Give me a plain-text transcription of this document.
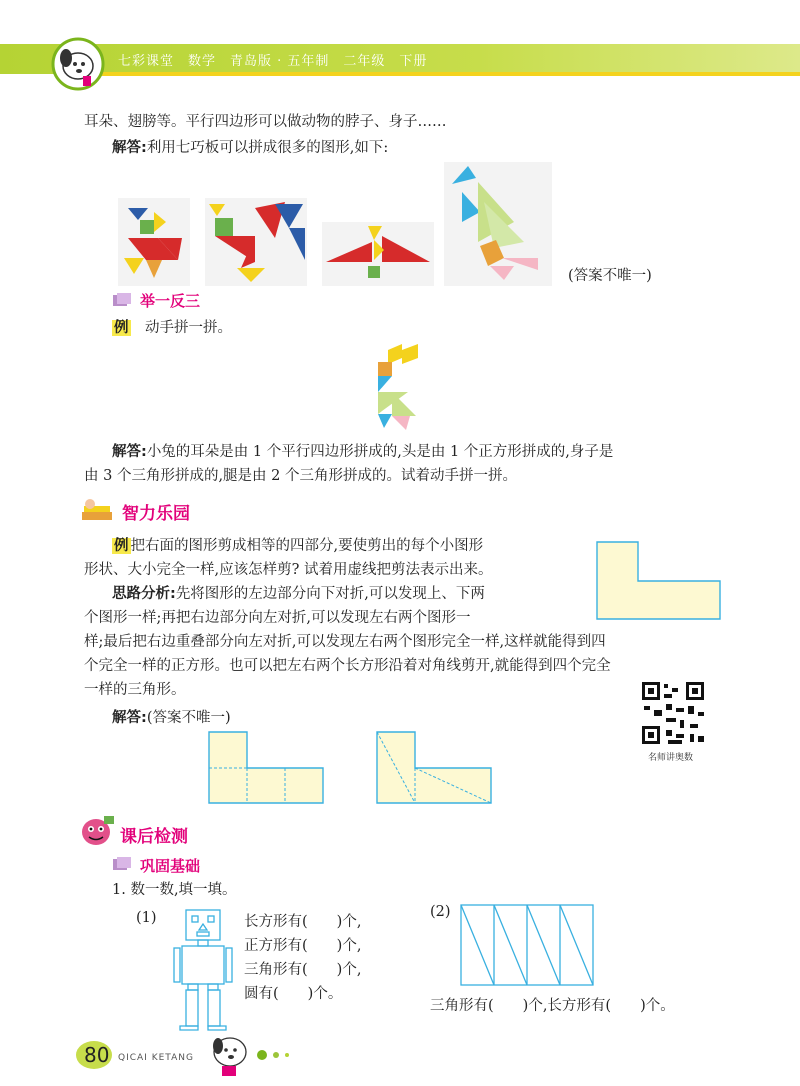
七彩课堂　数学　青岛版 · 五年制　二年级　下册
耳朵、翅膀等。平行四边形可以做动物的脖子、身子……
解答:利用七巧板可以拼成很多的图形,如下:
(答案不唯一)
举一反三
例　 动手拼一拼。
解答:小兔的耳朵是由 1 个平行四边形拼成的,头是由 1 个正方形拼成的,身子是
由 3 个三角形拼成的,腿是由 2 个三角形拼成的。试着动手拼一拼。
智力乐园
例 把右面的图形剪成相等的四部分,要使剪出的每个小图形
形状、大小完全一样,应该怎样剪? 试着用虚线把剪法表示出来。
思路分析:先将图形的左边部分向下对折,可以发现上、下两
个图形一样;再把右边部分向左对折,可以发现左右两个图形一
样;最后把右边重叠部分向左对折,可以发现左右两个图形完全一样,这样就能得到四
个完全一样的正方形。也可以把左右两个长方形沿着对角线剪开,就能得到四个完全
一样的三角形。
名师讲奥数
解答:(答案不唯一)
课后检测
巩固基础
1. 数一数,填一填。
(1)	长方形有(　　)个,
正方形有(　　)个,
三角形有(　　)个,
圆有(　　)个。
(2)
三角形有(　　)个,长方形有(　　)个。
80 QICAI KETANG
